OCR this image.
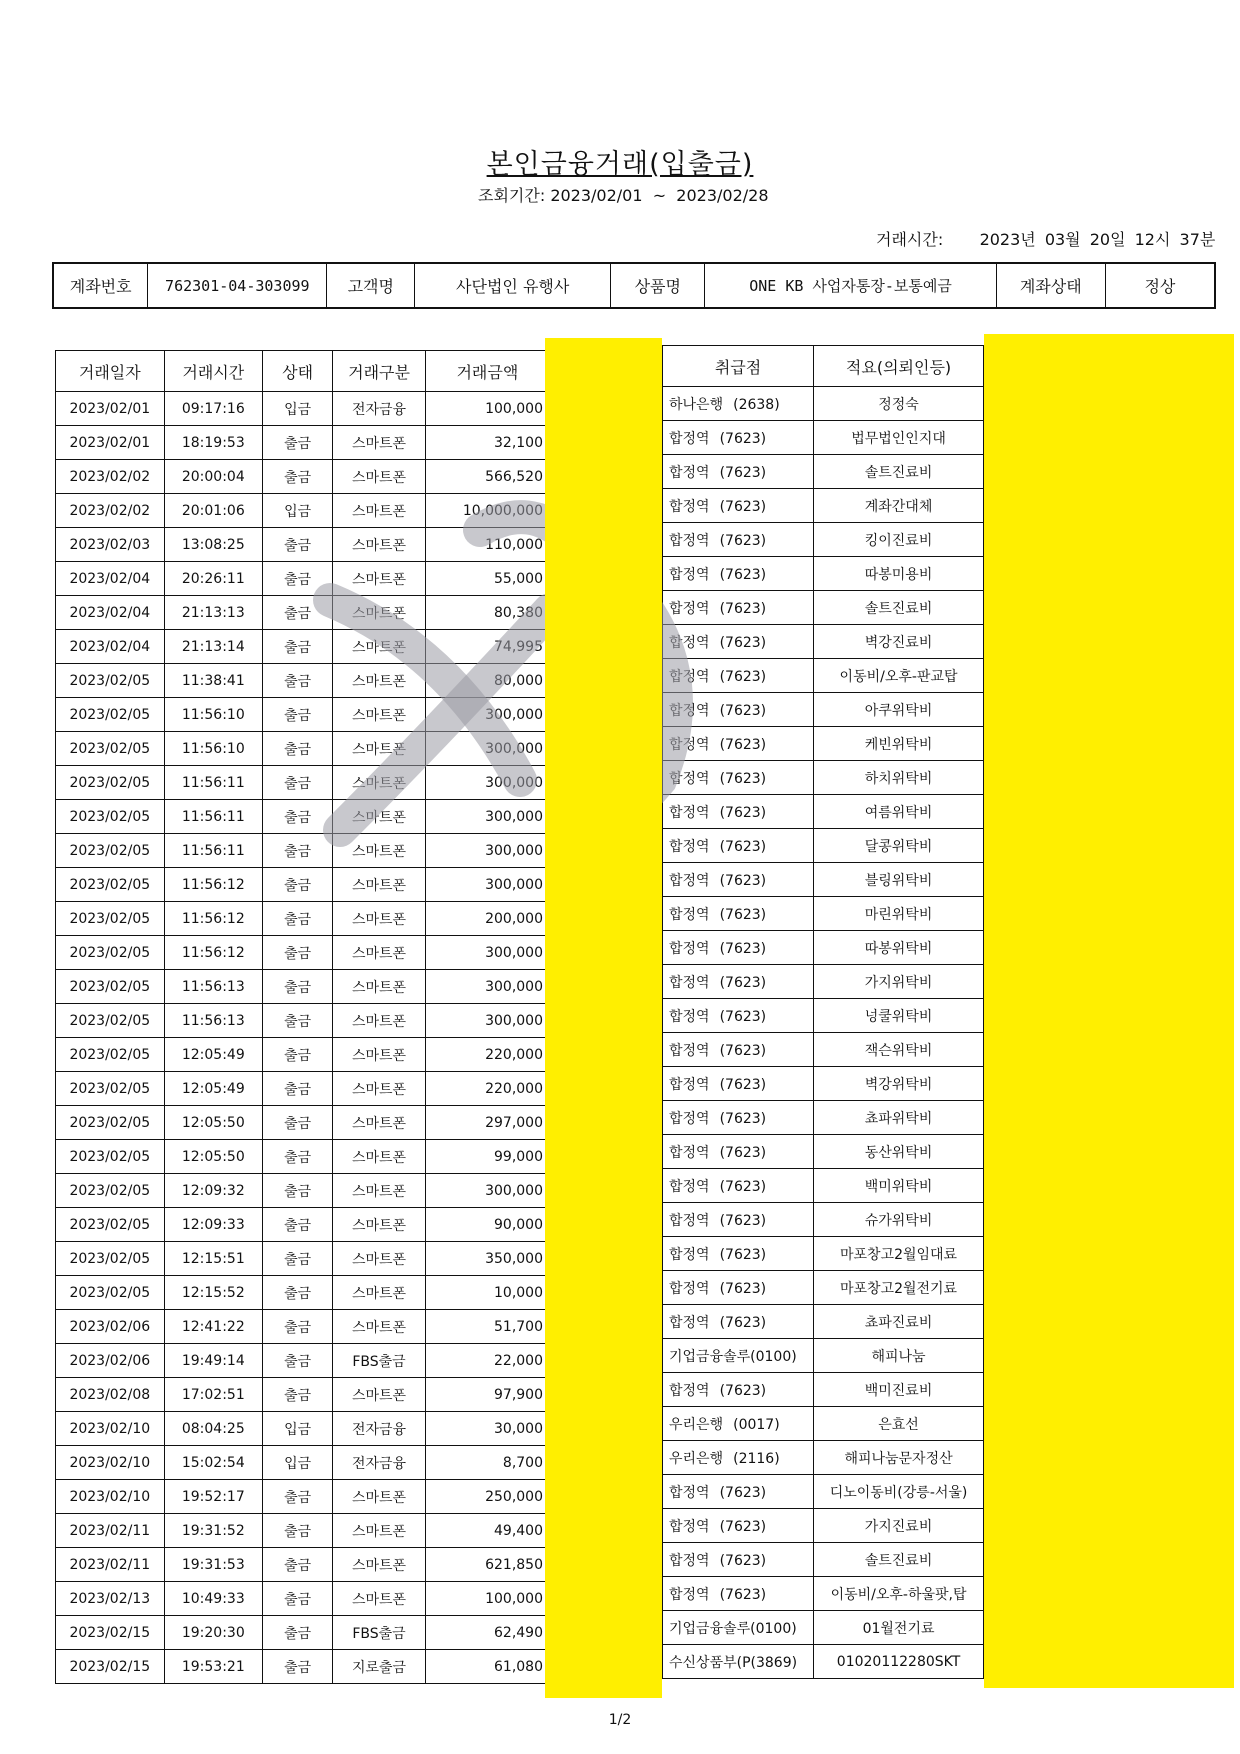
본인금융거래(입출금)
조회기간: 2023/02/01 ~ 2023/02/28
거래시간: 2023년 03월 20일 12시 37분
계좌번호	762301-04-303099	고객명	사단법인 유행사	상품명	ONE KB 사업자통장-보통예금	계좌상태	정상
거래일자	거래시간	상태	거래구분	거래금액
2023/02/01	09:17:16	입금	전자금융	100,000
2023/02/01	18:19:53	출금	스마트폰	32,100
2023/02/02	20:00:04	출금	스마트폰	566,520
2023/02/02	20:01:06	입금	스마트폰	10,000,000
2023/02/03	13:08:25	출금	스마트폰	110,000
2023/02/04	20:26:11	출금	스마트폰	55,000
2023/02/04	21:13:13	출금	스마트폰	80,380
2023/02/04	21:13:14	출금	스마트폰	74,995
2023/02/05	11:38:41	출금	스마트폰	80,000
2023/02/05	11:56:10	출금	스마트폰	300,000
2023/02/05	11:56:10	출금	스마트폰	300,000
2023/02/05	11:56:11	출금	스마트폰	300,000
2023/02/05	11:56:11	출금	스마트폰	300,000
2023/02/05	11:56:11	출금	스마트폰	300,000
2023/02/05	11:56:12	출금	스마트폰	300,000
2023/02/05	11:56:12	출금	스마트폰	200,000
2023/02/05	11:56:12	출금	스마트폰	300,000
2023/02/05	11:56:13	출금	스마트폰	300,000
2023/02/05	11:56:13	출금	스마트폰	300,000
2023/02/05	12:05:49	출금	스마트폰	220,000
2023/02/05	12:05:49	출금	스마트폰	220,000
2023/02/05	12:05:50	출금	스마트폰	297,000
2023/02/05	12:05:50	출금	스마트폰	99,000
2023/02/05	12:09:32	출금	스마트폰	300,000
2023/02/05	12:09:33	출금	스마트폰	90,000
2023/02/05	12:15:51	출금	스마트폰	350,000
2023/02/05	12:15:52	출금	스마트폰	10,000
2023/02/06	12:41:22	출금	스마트폰	51,700
2023/02/06	19:49:14	출금	FBS출금	22,000
2023/02/08	17:02:51	출금	스마트폰	97,900
2023/02/10	08:04:25	입금	전자금융	30,000
2023/02/10	15:02:54	입금	전자금융	8,700
2023/02/10	19:52:17	출금	스마트폰	250,000
2023/02/11	19:31:52	출금	스마트폰	49,400
2023/02/11	19:31:53	출금	스마트폰	621,850
2023/02/13	10:49:33	출금	스마트폰	100,000
2023/02/15	19:20:30	출금	FBS출금	62,490
2023/02/15	19:53:21	출금	지로출금	61,080
취급점	적요(의뢰인등)
하나은행 (2638)	정정숙
합정역 (7623)	법무법인인지대
합정역 (7623)	솔트진료비
합정역 (7623)	계좌간대체
합정역 (7623)	킹이진료비
합정역 (7623)	따봉미용비
합정역 (7623)	솔트진료비
합정역 (7623)	벽강진료비
합정역 (7623)	이동비/오후-판교탑
합정역 (7623)	아쿠위탁비
합정역 (7623)	케빈위탁비
합정역 (7623)	하치위탁비
합정역 (7623)	여름위탁비
합정역 (7623)	달콩위탁비
합정역 (7623)	블링위탁비
합정역 (7623)	마린위탁비
합정역 (7623)	따봉위탁비
합정역 (7623)	가지위탁비
합정역 (7623)	넝쿨위탁비
합정역 (7623)	잭슨위탁비
합정역 (7623)	벽강위탁비
합정역 (7623)	쵸파위탁비
합정역 (7623)	동산위탁비
합정역 (7623)	백미위탁비
합정역 (7623)	슈가위탁비
합정역 (7623)	마포창고2월임대료
합정역 (7623)	마포창고2월전기료
합정역 (7623)	쵸파진료비
기업금융솔루(0100)	해피나눔
합정역 (7623)	백미진료비
우리은행 (0017)	은효선
우리은행 (2116)	해피나눔문자정산
합정역 (7623)	디노이동비(강릉-서울)
합정역 (7623)	가지진료비
합정역 (7623)	솔트진료비
합정역 (7623)	이동비/오후-하울팟,탑
기업금융솔루(0100)	01월전기료
수신상품부(P(3869)	01020112280SKT
1/2
